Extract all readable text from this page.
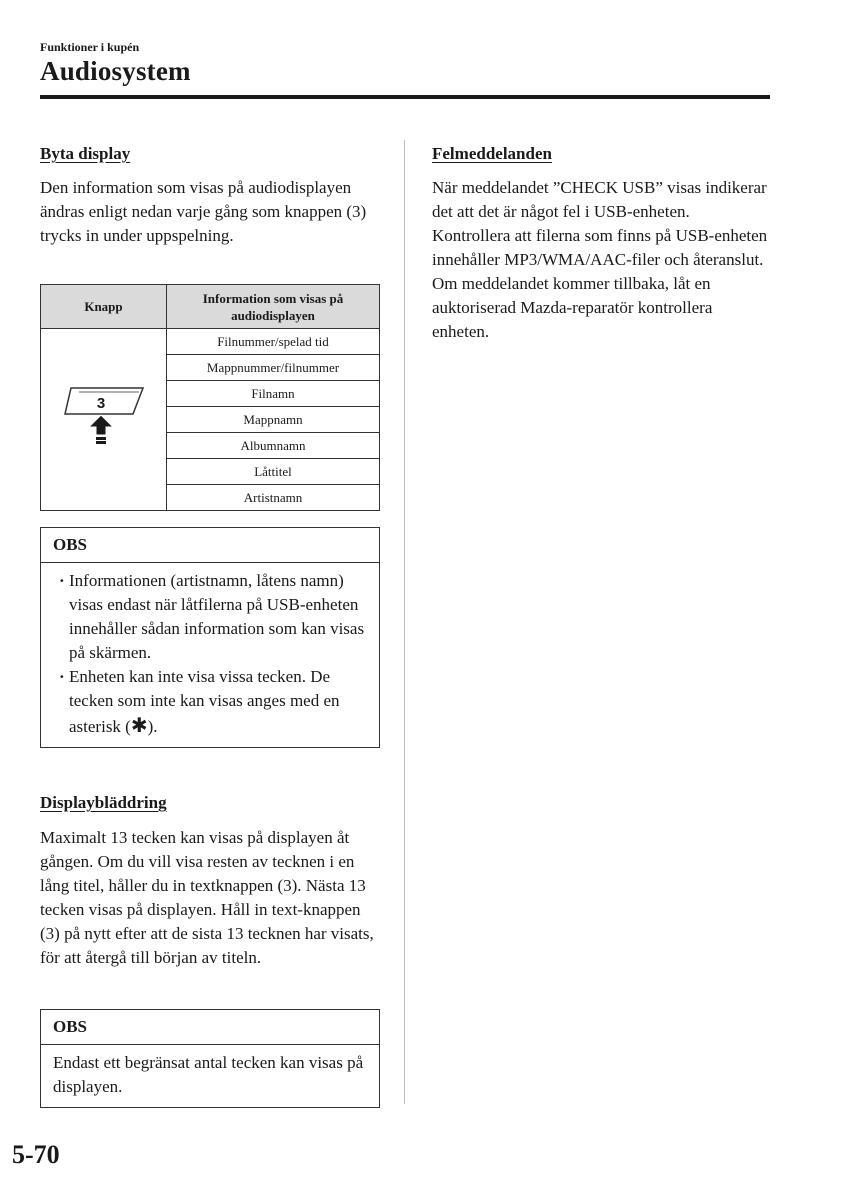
Funktioner i kupén
Audiosystem
Byta display

Den information som visas på audiodisplayen ändras enligt nedan varje gång som knappen (3) trycks in under uppspelning.

Knapp	Information som visas på audiodisplayen

3	Filnummer/spelad tid
	Mappnummer/filnummer
	Filnamn
	Mappnamn
	Albumnamn
	Låttitel
	Artistnamn
OBS
· Informationen (artistnamn, låtens namn) visas endast när låtfilerna på USB-enheten innehåller sådan information som kan visas på skärmen.
· Enheten kan inte visa vissa tecken. De tecken som inte kan visas anges med en asterisk (✱).
Displaybläddring

Maximalt 13 tecken kan visas på displayen åt gången. Om du vill visa resten av tecknen i en lång titel, håller du in textknappen (3). Nästa 13 tecken visas på displayen. Håll in text-knappen (3) på nytt efter att de sista 13 tecknen har visats, för att återgå till början av titeln.

OBS
Endast ett begränsat antal tecken kan visas på displayen.
Felmeddelanden

När meddelandet ”CHECK USB” visas indikerar det att det är något fel i USB-enheten. Kontrollera att filerna som finns på USB-enheten innehåller MP3/WMA/AAC-filer och återanslut. Om meddelandet kommer tillbaka, låt en auktoriserad Mazda-reparatör kontrollera enheten.

5-70
